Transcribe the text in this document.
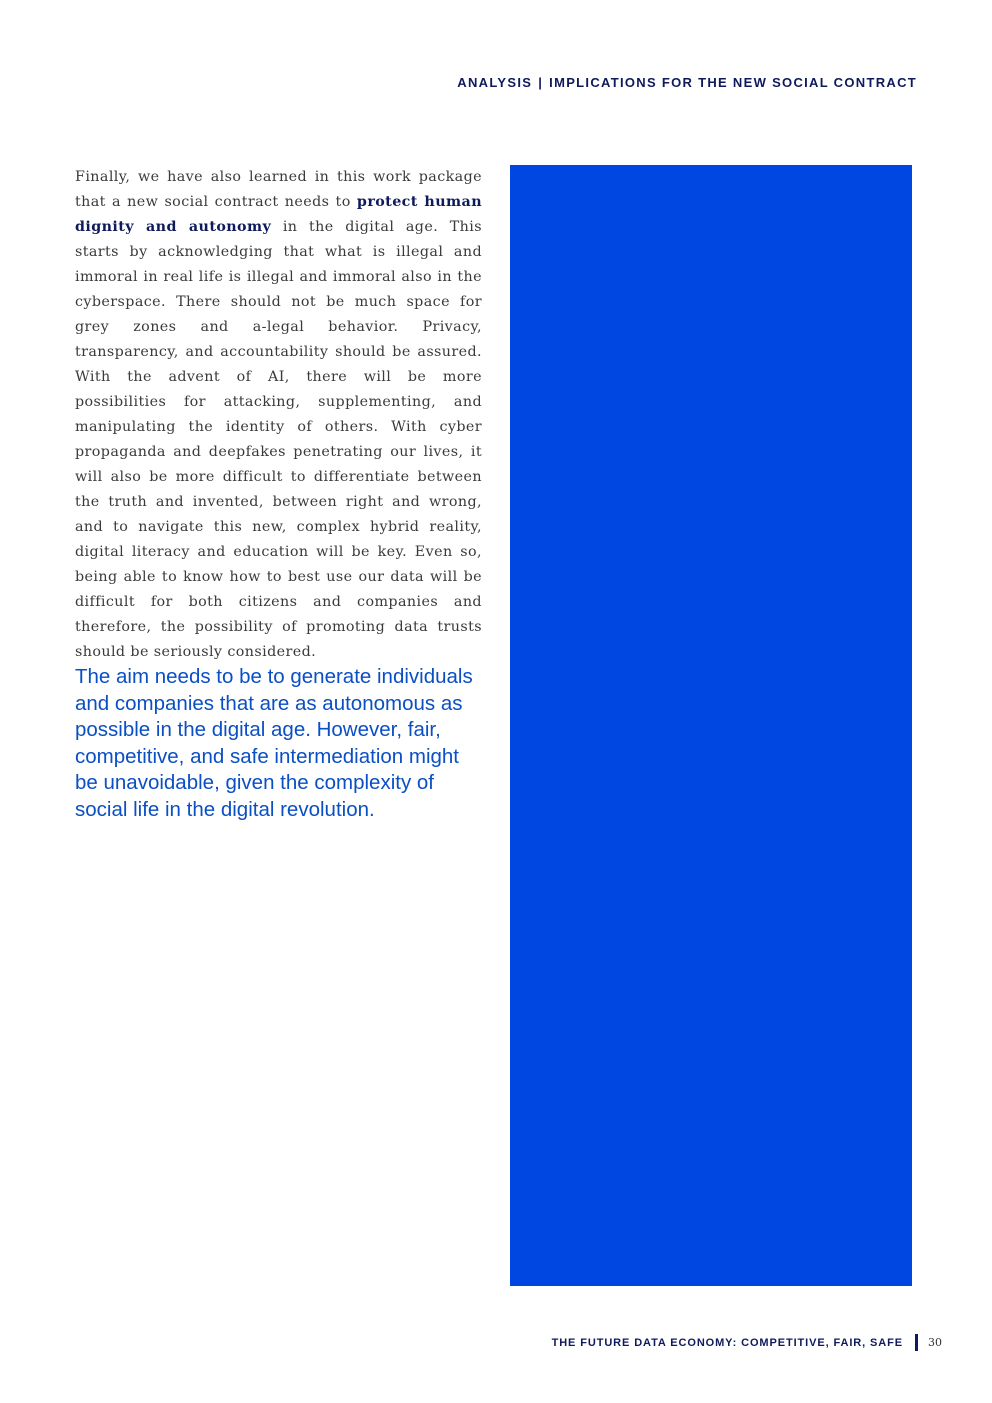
ANALYSIS | IMPLICATIONS FOR THE NEW SOCIAL CONTRACT

Finally, we have also learned in this work package that a new social contract needs to protect human dignity and autonomy in the digital age. This starts by acknowledging that what is illegal and immoral in real life is illegal and immoral also in the cyberspace. There should not be much space for grey zones and a-legal behavior. Privacy, transparency, and accountability should be assured. With the advent of AI, there will be more possibilities for attacking, supplementing, and manipulating the identity of others. With cyber propaganda and deepfakes penetrating our lives, it will also be more difficult to differentiate between the truth and invented, between right and wrong, and to navigate this new, complex hybrid reality, digital literacy and education will be key. Even so, being able to know how to best use our data will be difficult for both citizens and companies and therefore, the possibility of promoting data trusts should be seriously considered.

The aim needs to be to generate individuals and companies that are as autonomous as possible in the digital age. However, fair, competitive, and safe intermediation might be unavoidable, given the complexity of social life in the digital revolution.

THE FUTURE DATA ECONOMY: COMPETITIVE, FAIR, SAFE 30
